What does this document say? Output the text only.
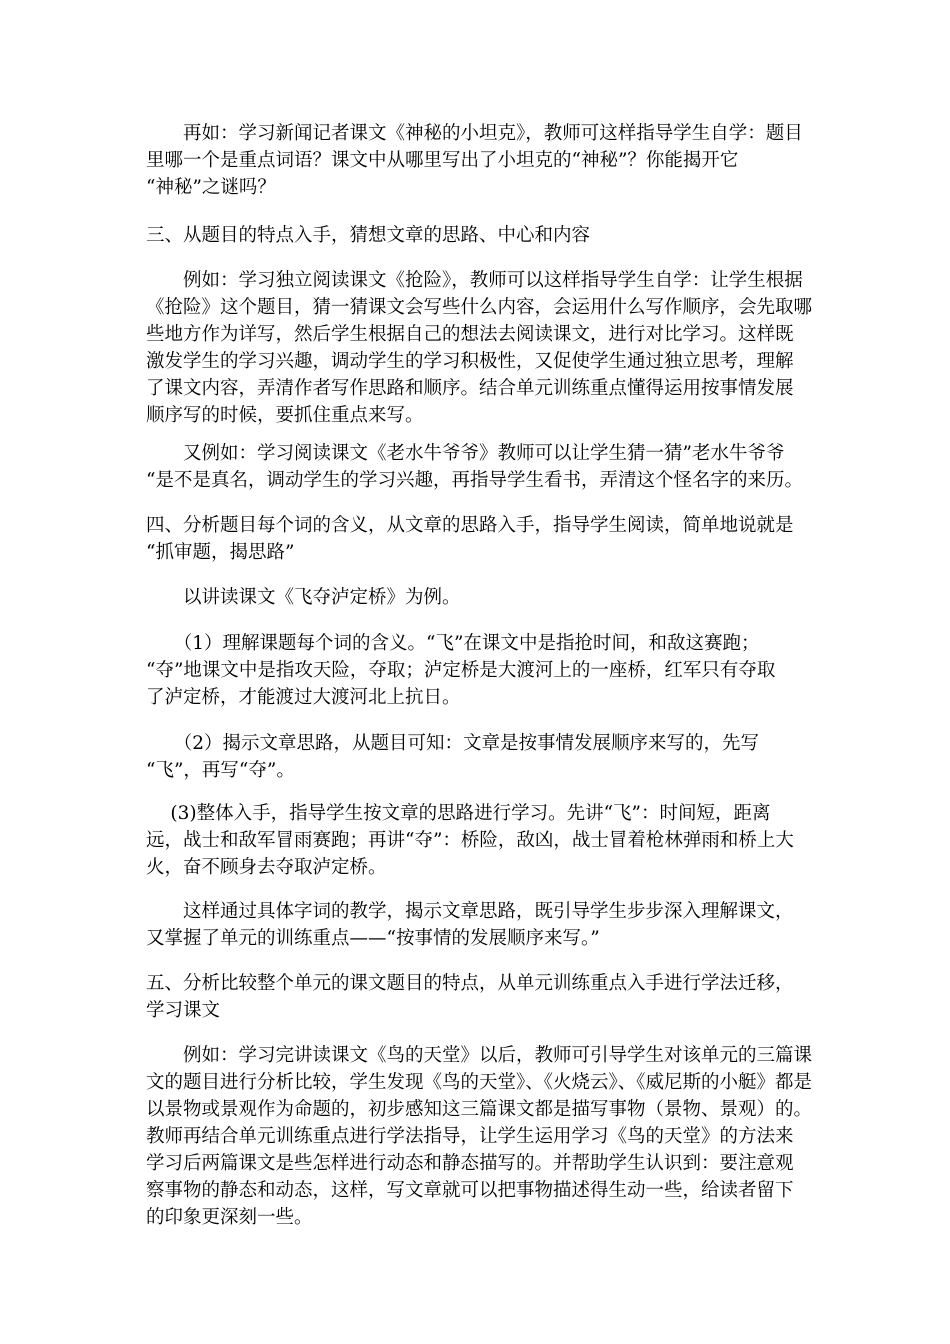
　　再如：学习新闻记者课文《神秘的小坦克》，教师可这样指导学生自学：题目
里哪一个是重点词语？课文中从哪里写出了小坦克的“神秘”？你能揭开它
“神秘”之谜吗？

三、从题目的特点入手，猜想文章的思路、中心和内容

　　例如：学习独立阅读课文《抢险》，教师可以这样指导学生自学：让学生根据
《抢险》这个题目，猜一猜课文会写些什么内容，会运用什么写作顺序，会先取哪
些地方作为详写，然后学生根据自己的想法去阅读课文，进行对比学习。这样既
激发学生的学习兴趣，调动学生的学习积极性，又促使学生通过独立思考，理解
了课文内容，弄清作者写作思路和顺序。结合单元训练重点懂得运用按事情发展
顺序写的时候，要抓住重点来写。

　　又例如：学习阅读课文《老水牛爷爷》教师可以让学生猜一猜”老水牛爷爷
“是不是真名，调动学生的学习兴趣，再指导学生看书，弄清这个怪名字的来历。

四、分析题目每个词的含义，从文章的思路入手，指导学生阅读，简单地说就是
“抓审题，揭思路”

　　以讲读课文《飞夺泸定桥》为例。

　　（1）理解课题每个词的含义。“飞”在课文中是指抢时间，和敌这赛跑；
“夺”地课文中是指攻天险，夺取；泸定桥是大渡河上的一座桥，红军只有夺取
了泸定桥，才能渡过大渡河北上抗日。

　　（2）揭示文章思路，从题目可知：文章是按事情发展顺序来写的，先写
“飞”，再写“夺”。

　 (3)整体入手，指导学生按文章的思路进行学习。先讲“飞”：时间短，距离
远，战士和敌军冒雨赛跑；再讲“夺”：桥险，敌凶，战士冒着枪林弹雨和桥上大
火，奋不顾身去夺取泸定桥。

　　这样通过具体字词的教学，揭示文章思路，既引导学生步步深入理解课文，
又掌握了单元的训练重点——“按事情的发展顺序来写。”

五、分析比较整个单元的课文题目的特点，从单元训练重点入手进行学法迁移，
学习课文

　　例如：学习完讲读课文《鸟的天堂》以后，教师可引导学生对该单元的三篇课
文的题目进行分析比较，学生发现《鸟的天堂》、《火烧云》、《威尼斯的小艇》都是
以景物或景观作为命题的，初步感知这三篇课文都是描写事物（景物、景观）的。
教师再结合单元训练重点进行学法指导，让学生运用学习《鸟的天堂》的方法来
学习后两篇课文是些怎样进行动态和静态描写的。并帮助学生认识到：要注意观
察事物的静态和动态，这样，写文章就可以把事物描述得生动一些，给读者留下
的印象更深刻一些。
